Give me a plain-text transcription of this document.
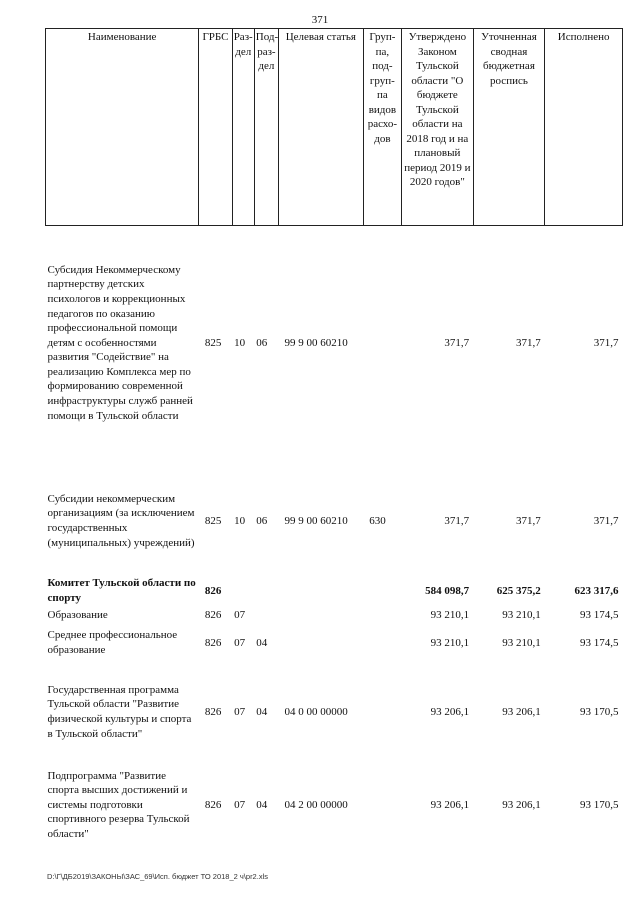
371
Наименование	ГРБС	Раз-дел	Под-раз-дел	Целевая статья	Груп-па, под-груп-па видов расхо-дов	Утверждено Законом Тульской области "О бюджете Тульской области на 2018 год и на плановый период 2019 и 2020 годов"	Уточненная сводная бюджетная роспись	Исполнено

Субсидия Некоммерческому партнерству детских психологов и коррекционных педагогов по оказанию профессиональной помощи детям с особенностями развития "Содействие" на реализацию Комплекса мер по формированию современной инфраструктуры служб ранней помощи в Тульской области	825	10	06	99 9 00 60210		371,7	371,7	371,7

Субсидии некоммерческим организациям (за исключением государственных (муниципальных) учреждений)	825	10	06	99 9 00 60210	630	371,7	371,7	371,7

Комитет Тульской области по спорту	826					584 098,7	625 375,2	623 317,6
Образование	826	07				93 210,1	93 210,1	93 174,5

Среднее профессиональное образование	826	07	04			93 210,1	93 210,1	93 174,5

Государственная программа Тульской области "Развитие физической культуры и спорта в Тульской области"	826	07	04	04 0 00 00000		93 206,1	93 206,1	93 170,5

Подпрограмма "Развитие спорта высших достижений и системы подготовки спортивного резерва Тульской области"	826	07	04	04 2 00 00000		93 206,1	93 206,1	93 170,5
D:\Г\ДБ2019\ЗАКОНЫ\ЗАС_69\Исп. бюджет ТО 2018_2 ч\pr2.xls
